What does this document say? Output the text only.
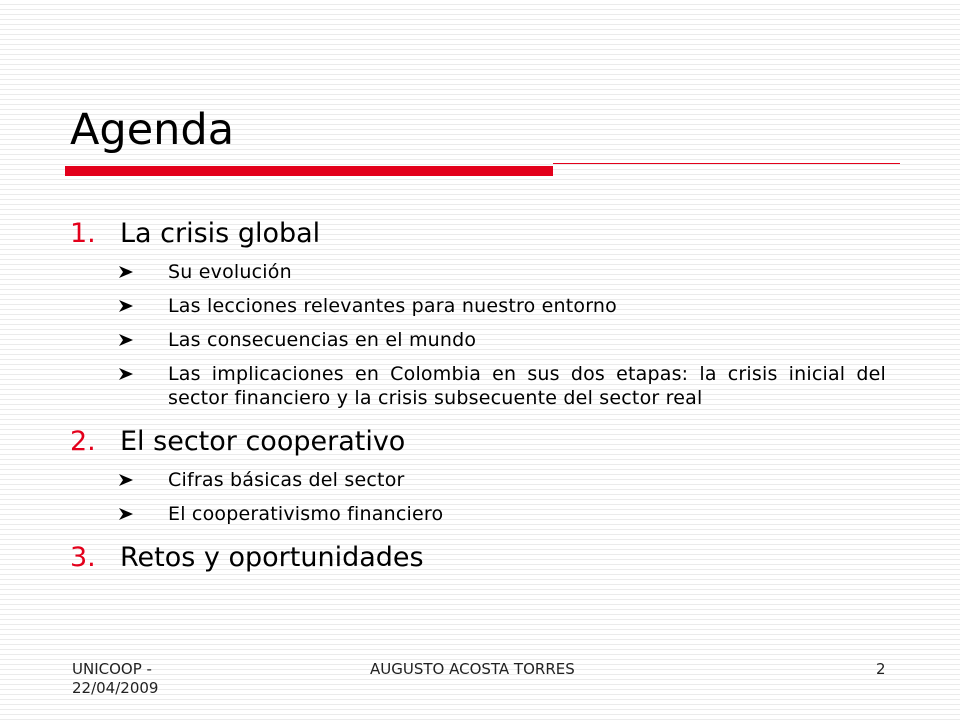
Agenda
1. La crisis global
Su evolución
Las lecciones relevantes para nuestro entorno
Las consecuencias en el mundo
Las implicaciones en Colombia en sus dos etapas: la crisis inicial del sector financiero y la crisis subsecuente del sector real
2. El sector cooperativo
Cifras básicas del sector
El cooperativismo financiero
3. Retos y oportunidades
UNICOOP - 22/04/2009
AUGUSTO ACOSTA TORRES	2
